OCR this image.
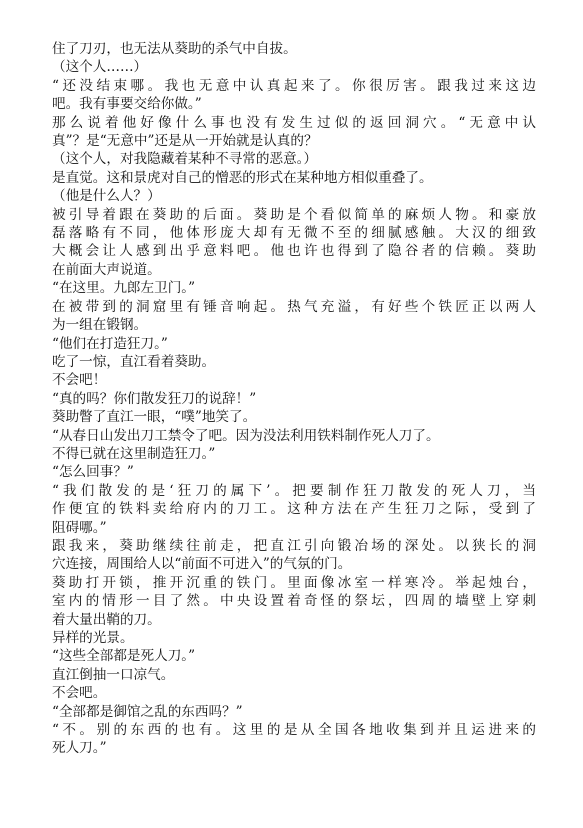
住了刀刃，也无法从葵助的杀气中自拔。

（这个人……）

“还没结束哪。我也无意中认真起来了。你很厉害。跟我过来这边

吧。我有事要交给你做。”

那么说着他好像什么事也没有发生过似的返回洞穴。“无意中认

真”？是“无意中”还是从一开始就是认真的？

（这个人，对我隐藏着某种不寻常的恶意。）

是直觉。这和景虎对自己的憎恶的形式在某种地方相似重叠了。

（他是什么人？）

被引导着跟在葵助的后面。葵助是个看似简单的麻烦人物。和豪放

磊落略有不同，他体形庞大却有无微不至的细腻感触。大汉的细致

大概会让人感到出乎意料吧。他也许也得到了隐谷者的信赖。葵助

在前面大声说道。

“在这里。九郎左卫门。”

在被带到的洞窟里有锤音响起。热气充溢，有好些个铁匠正以两人

为一组在锻钢。

“他们在打造狂刀。”

吃了一惊，直江看着葵助。

不会吧！

“真的吗？你们散发狂刀的说辞！”

葵助瞥了直江一眼，“噗”地笑了。

“从春日山发出刀工禁令了吧。因为没法利用铁料制作死人刀了。

不得已就在这里制造狂刀。”

“怎么回事？”

“我们散发的是‘狂刀的属下’。把要制作狂刀散发的死人刀，当

作便宜的铁料卖给府内的刀工。这种方法在产生狂刀之际，受到了

阻碍哪。”

跟我来，葵助继续往前走，把直江引向锻冶场的深处。以狭长的洞

穴连接，周围给人以“前面不可进入”的气氛的门。

葵助打开锁，推开沉重的铁门。里面像冰室一样寒冷。举起烛台，

室内的情形一目了然。中央设置着奇怪的祭坛，四周的墙壁上穿刺

着大量出鞘的刀。

异样的光景。

“这些全部都是死人刀。”

直江倒抽一口凉气。

不会吧。

“全部都是御馆之乱的东西吗？”

“不。别的东西的也有。这里的是从全国各地收集到并且运进来的

死人刀。”
